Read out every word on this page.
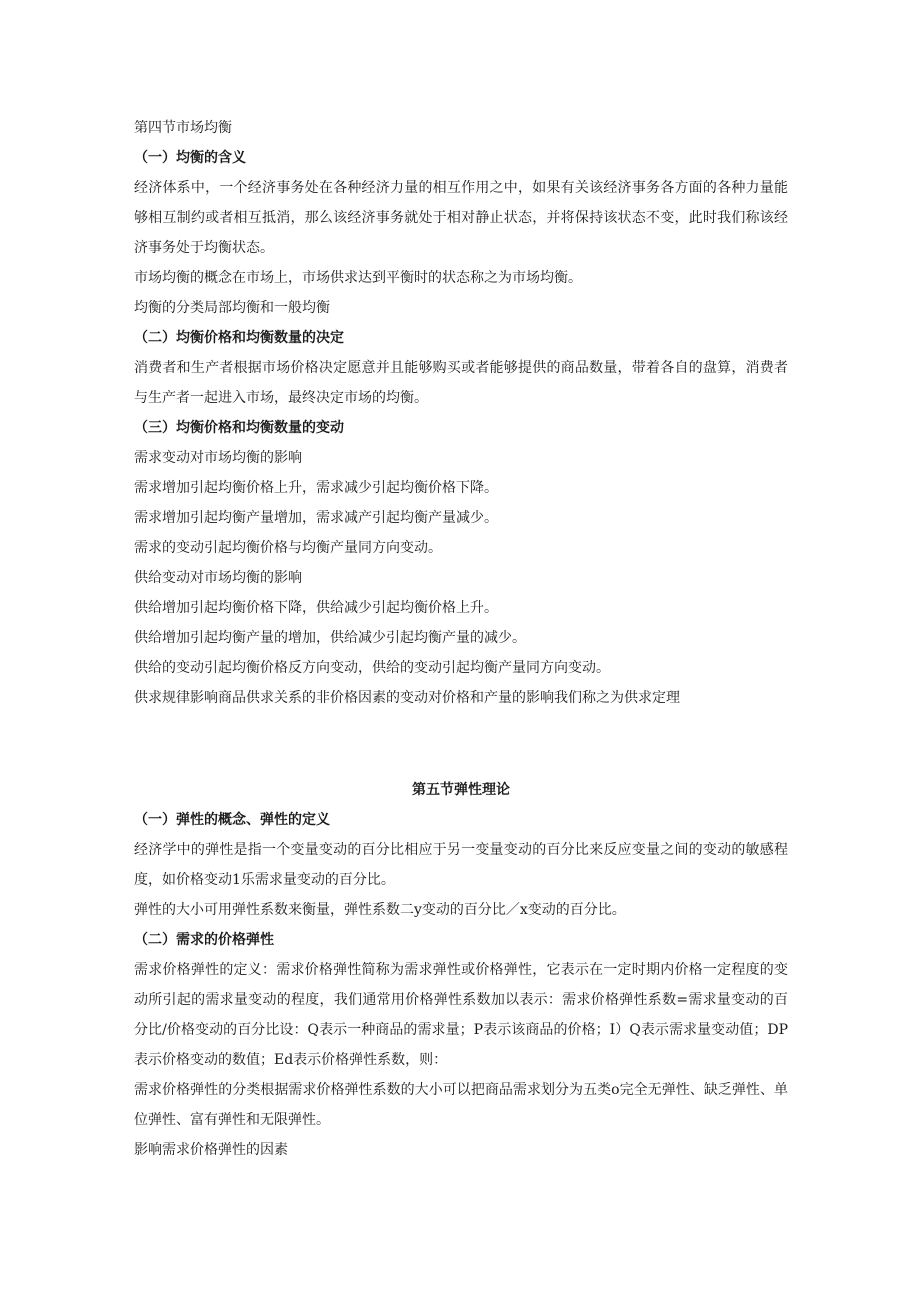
第四节市场均衡

（一）均衡的含义

经济体系中，一个经济事务处在各种经济力量的相互作用之中，如果有关该经济事务各方面的各种力量能够相互制约或者相互抵消，那么该经济事务就处于相对静止状态，并将保持该状态不变，此时我们称该经济事务处于均衡状态。

市场均衡的概念在市场上，市场供求达到平衡时的状态称之为市场均衡。

均衡的分类局部均衡和一般均衡

（二）均衡价格和均衡数量的决定

消费者和生产者根据市场价格决定愿意并且能够购买或者能够提供的商品数量，带着各自的盘算，消费者与生产者一起进入市场，最终决定市场的均衡。

（三）均衡价格和均衡数量的变动

需求变动对市场均衡的影响

需求增加引起均衡价格上升，需求减少引起均衡价格下降。

需求增加引起均衡产量增加，需求减产引起均衡产量减少。

需求的变动引起均衡价格与均衡产量同方向变动。

供给变动对市场均衡的影响

供给增加引起均衡价格下降，供给减少引起均衡价格上升。

供给增加引起均衡产量的增加，供给减少引起均衡产量的减少。

供给的变动引起均衡价格反方向变动，供给的变动引起均衡产量同方向变动。

供求规律影响商品供求关系的非价格因素的变动对价格和产量的影响我们称之为供求定理

第五节弹性理论

（一）弹性的概念、弹性的定义

经济学中的弹性是指一个变量变动的百分比相应于另一变量变动的百分比来反应变量之间的变动的敏感程度，如价格变动1乐需求量变动的百分比。

弹性的大小可用弹性系数来衡量，弹性系数二y变动的百分比／x变动的百分比。

（二）需求的价格弹性

需求价格弹性的定义：需求价格弹性简称为需求弹性或价格弹性，它表示在一定时期内价格一定程度的变动所引起的需求量变动的程度，我们通常用价格弹性系数加以表示：需求价格弹性系数=需求量变动的百分比/价格变动的百分比设：Q表示一种商品的需求量；P表示该商品的价格；I）Q表示需求量变动值；DP表示价格变动的数值；Ed表示价格弹性系数，则：

需求价格弹性的分类根据需求价格弹性系数的大小可以把商品需求划分为五类o完全无弹性、缺乏弹性、单位弹性、富有弹性和无限弹性。

影响需求价格弹性的因素
